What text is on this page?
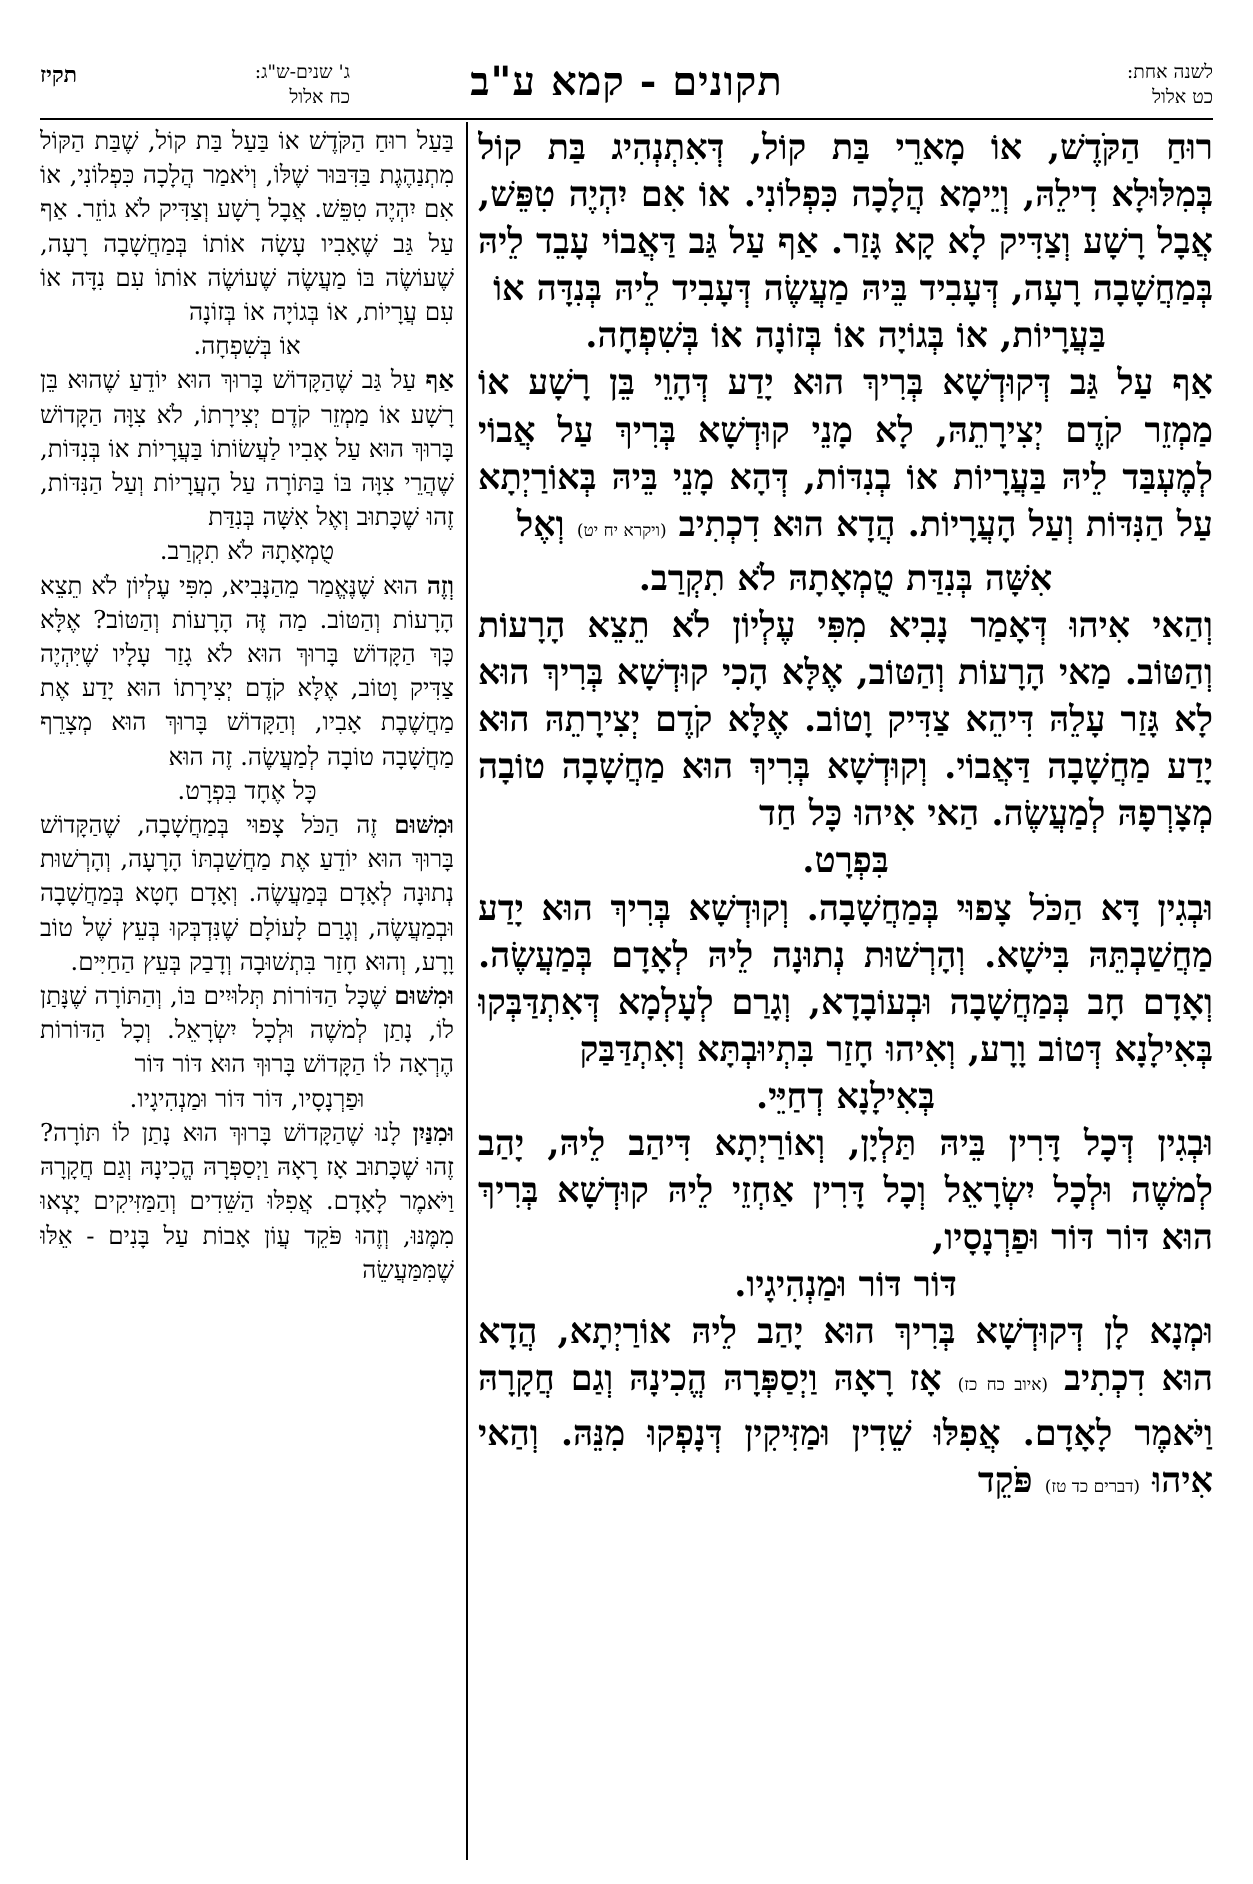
לשנה אחת:
כט אלול
תקונים - קמא ע"ב
ג' שנים-ש"ג:
כח אלול
תקיז

רוּחַ הַקֹּדֶשׁ, אוֹ מָארֵי בַּת קוֹל, דְּאִתְנְהִיג בַּת קוֹל בְּמִלּוּלָא דִילֵהּ, וְיֵימָא הֲלָכָה כִּפְלוֹנִי. אוֹ אִם יִהְיֶה טִפֵּשׁ, אֲבָל רָשָׁע וְצַדִּיק לָא קָא גָּזַר. אַף עַל גַּב דַּאֲבוֹי עָבֵד לֵיהּ בְּמַחֲשָׁבָה רָעָה, דְּעָבִיד בֵּיהּ מַעֲשֶׂה דְּעָבִיד לֵיהּ בְּנִדָּה אוֹ

בַּעֲרָיוֹת, אוֹ בְּגוֹיָה אוֹ בְּזוֹנָה אוֹ בְּשִׁפְחָה.

אַף עַל גַּב דְּקוּדְשָׁא בְּרִיךְ הוּא יָדַע דְּהָוֵי בֵּן רָשָׁע אוֹ מַמְזֵר קֹדֶם יְצִירָתֵהּ, לָא מָנֵי קוּדְשָׁא בְּרִיךְ עַל אֲבוֹי לְמֶעְבַּד לֵיהּ בַּעֲרָיוֹת אוֹ בְנִדּוֹת, דְּהָא מָנֵי בֵּיהּ בְּאוֹרַיְתָא עַל הַנִּדּוֹת וְעַל הָעֲרָיוֹת. הֲדָא הוּא דִכְתִיב (ויקרא יח יט) וְאֶל

אִשָּׁה בְּנִדַּת טֻמְאָתָהּ לֹא תִקְרַב.

וְהַאי אִיהוּ דְּאָמַר נָבִיא מִפִּי עֶלְיוֹן לֹא תֵצֵא הָרָעוֹת וְהַטּוֹב. מַאי הָרָעוֹת וְהַטּוֹב, אֶלָּא הָכִי קוּדְשָׁא בְּרִיךְ הוּא לָא גָּזַר עָלֵהּ דִּיהֵא צַדִּיק וָטוֹב. אֶלָּא קֹדֶם יְצִירָתֵהּ הוּא יָדַע מַחֲשָׁבָה דַּאֲבוֹי. וְקוּדְשָׁא בְּרִיךְ הוּא מַחֲשָׁבָה טוֹבָה מְצָרְפָהּ לְמַעֲשֶׂה. הַאי אִיהוּ כָּל חַד

בִּפְרָט.

וּבְגִין דָּא הַכֹּל צָפוּי בְּמַחֲשָׁבָה. וְקוּדְשָׁא בְּרִיךְ הוּא יָדַע מַחֲשַׁבְתֵּהּ בִּישָׁא. וְהָרְשׁוּת נְתוּנָה לֵיהּ לְאָדָם בְּמַעֲשֶׂה. וְאָדָם חָב בְּמַחֲשָׁבָה וּבְעוֹבָדָא, וְגָרַם לְעָלְמָא דְּאִתְדַּבְּקוּ בְּאִילָנָא דְּטוֹב וָרָע, וְאִיהוּ חָזַר בִּתְיוּבְתָּא וְאִתְדַּבַּק

בְּאִילָנָא דְחַיֵּי.

וּבְגִין דְּכָל דָּרִין בֵּיהּ תַּלְיָן, וְאוֹרַיְתָא דִּיהַב לֵיהּ, יָהַב לְמשֶׁה וּלְכָל יִשְׂרָאֵל וְכָל דָּרִין אַחְזֵי לֵיהּ קוּדְשָׁא בְּרִיךְ הוּא דּוֹר דּוֹר וּפַרְנָסָיו,

דּוֹר דּוֹר וּמַנְהִיגָיו.

וּמְנָא לָן דְּקוּדְשָׁא בְּרִיךְ הוּא יָהַב לֵיהּ אוֹרַיְתָא, הֲדָא הוּא דִכְתִיב (איוב כח כז) אָז רָאָהּ וַיְסַפְּרָהּ הֱכִינָהּ וְגַם חֲקָרָהּ וַיֹּאמֶר לָאָדָם. אֲפִלּוּ שֵׁדִין וּמַזִּיקִין דְּנָפְקוּ מִנֵּהּ. וְהַאי אִיהוּ (דברים כד טז) פֹּקֵד

בַּעַל רוּחַ הַקֹּדֶשׁ אוֹ בַּעַל בַּת קוֹל, שֶׁבַּת הַקּוֹל מִתְנַהֶגֶת בַּדִּבּוּר שֶׁלּוֹ, וְיֹאמַר הֲלָכָה כִּפְלוֹנִי, אוֹ אִם יִהְיֶה טִפֵּשׁ. אֲבָל רָשָׁע וְצַדִּיק לֹא גוֹזֵר. אַף עַל גַּב שֶׁאָבִיו עָשָׂה אוֹתוֹ בְּמַחֲשָׁבָה רָעָה, שֶׁעוֹשֶׂה בּוֹ מַעֲשֶׂה שֶׁעוֹשֶׂה אוֹתוֹ עִם נִדָּה אוֹ עִם עֲרָיוֹת, אוֹ בְּגוֹיָה אוֹ בְּזוֹנָה

אוֹ בְּשִׁפְחָה.

אַף עַל גַּב שֶׁהַקָּדוֹשׁ בָּרוּךְ הוּא יוֹדֵעַ שֶׁהוּא בֵּן רָשָׁע אוֹ מַמְזֵר קֹדֶם יְצִירָתוֹ, לֹא צִוָּה הַקָּדוֹשׁ בָּרוּךְ הוּא עַל אָבִיו לַעֲשׂוֹתוֹ בַּעֲרָיוֹת אוֹ בְּנִדּוֹת, שֶׁהֲרֵי צִוָּה בּוֹ בַּתּוֹרָה עַל הָעֲרָיוֹת וְעַל הַנִּדּוֹת, זֶהוּ שֶׁכָּתוּב וְאֶל אִשָּׁה בְּנִדַּת

טֻמְאָתָהּ לֹא תִקְרַב.

וְזֶה הוּא שֶׁנֶּאֱמַר מֵהַנָּבִיא, מִפִּי עֶלְיוֹן לֹא תֵצֵא הָרָעוֹת וְהַטּוֹב. מַה זֶּה הָרָעוֹת וְהַטּוֹב? אֶלָּא כָּךְ הַקָּדוֹשׁ בָּרוּךְ הוּא לֹא גָזַר עָלָיו שֶׁיִּהְיֶה צַדִּיק וָטוֹב, אֶלָּא קֹדֶם יְצִירָתוֹ הוּא יָדַע אֶת מַחֲשֶׁבֶת אָבִיו, וְהַקָּדוֹשׁ בָּרוּךְ הוּא מְצָרֵף מַחֲשָׁבָה טוֹבָה לְמַעֲשֶׂה. זֶה הוּא

כָּל אֶחָד בִּפְרָט.

וּמִשּׁוּם זֶה הַכֹּל צָפוּי בְּמַחֲשָׁבָה, שֶׁהַקָּדוֹשׁ בָּרוּךְ הוּא יוֹדֵעַ אֶת מַחֲשַׁבְתּוֹ הָרָעָה, וְהָרְשׁוּת נְתוּנָה לְאָדָם בְּמַעֲשֶׂה. וְאָדָם חָטָא בְּמַחֲשָׁבָה וּבְמַעֲשֶׂה, וְגָרַם לָעוֹלָם שֶׁנִּדְבְּקוּ בְּעֵץ שֶׁל טוֹב וָרָע, וְהוּא חָזַר בִּתְשׁוּבָה וְדָבַק בְּעֵץ הַחַיִּים.

וּמִשּׁוּם שֶׁכָּל הַדּוֹרוֹת תְּלוּיִים בּוֹ, וְהַתּוֹרָה שֶׁנָּתַן לוֹ, נָתַן לְמשֶׁה וּלְכָל יִשְׂרָאֵל. וְכָל הַדּוֹרוֹת הֶרְאָה לוֹ הַקָּדוֹשׁ בָּרוּךְ הוּא דּוֹר דּוֹר

וּפַרְנָסָיו, דּוֹר דּוֹר וּמַנְהִיגָיו.

וּמִנַּיִן לָנוּ שֶׁהַקָּדוֹשׁ בָּרוּךְ הוּא נָתַן לוֹ תּוֹרָה? זֶהוּ שֶׁכָּתוּב אָז רָאָהּ וַיְסַפְּרָהּ הֱכִינָהּ וְגַם חֲקָרָהּ וַיֹּאמֶר לָאָדָם. אֲפִלּוּ הַשֵּׁדִים וְהַמַּזִּיקִים יָצְאוּ מִמֶּנּוּ, וְזֶהוּ פֹּקֵד עֲוֹן אָבוֹת עַל בָּנִים - אֵלּוּ שֶׁמִּמַּעֲשֵׂה
